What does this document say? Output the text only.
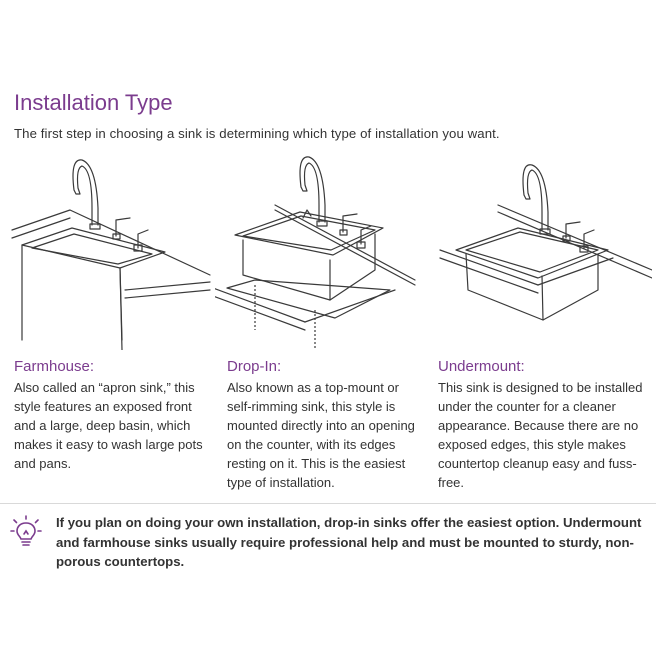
Installation Type
The first step in choosing a sink is determining which type of installation you want.
Farmhouse:

Also called an “apron sink,” this style features an exposed front and a large, deep basin, which makes it easy to wash large pots and pans.

Drop-In:

Also known as a top-mount or self-rimming sink, this style is mounted directly into an opening on the counter, with its edges resting on it. This is the easiest type of installation.

Undermount:

This sink is designed to be installed under the counter for a cleaner appearance. Because there are no exposed edges, this style makes countertop cleanup easy and fuss-free.

If you plan on doing your own installation, drop-in sinks offer the easiest option. Undermount and farmhouse sinks usually require professional help and must be mounted to sturdy, non-porous countertops.
